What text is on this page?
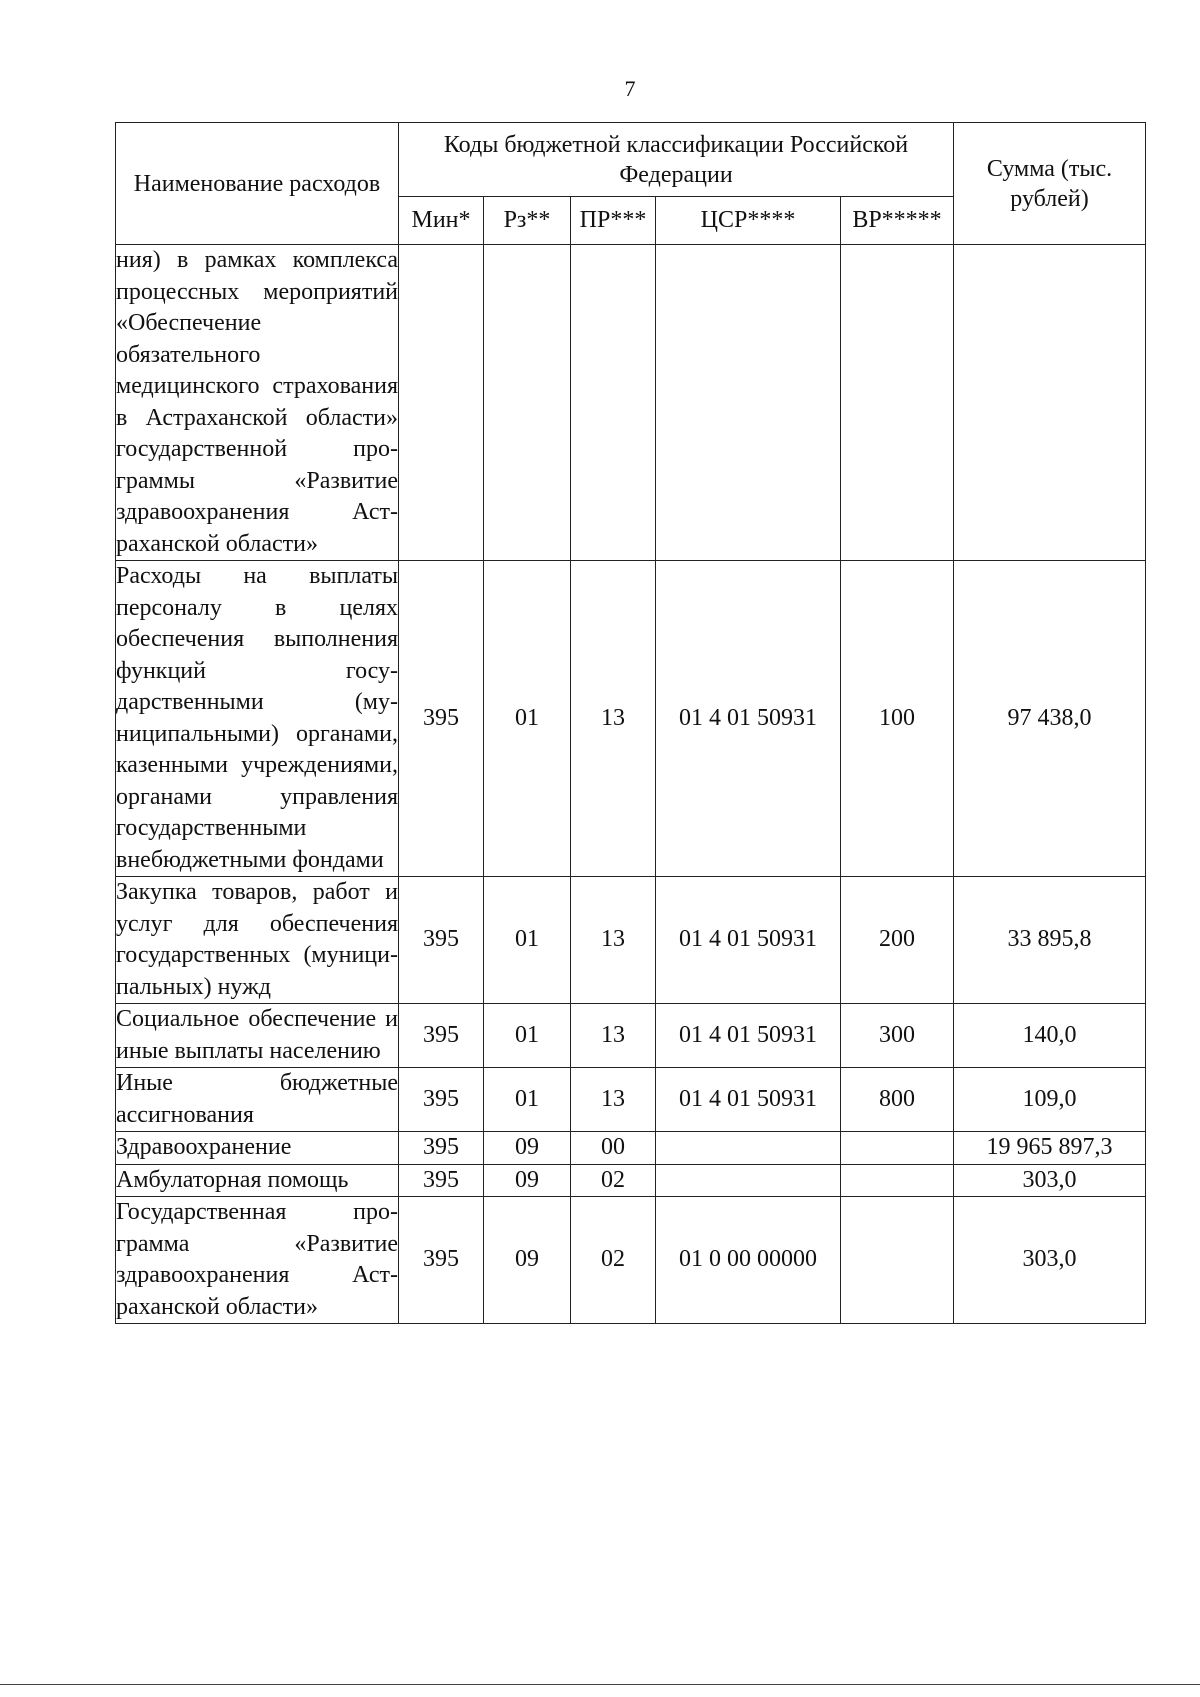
7
Наименование расходов	Коды бюджетной классификации Российской Федерации					Сумма (тыс. рублей)
	Мин*	Рз**	ПР***	ЦСР****	ВР*****	
ния) в рамках комплекса процессных мероприятий «Обеспечение обязательного медицинского страхования в Астраханской области» государственной программы «Развитие здравоохранения Астраханской области»						
Расходы на выплаты персоналу в целях обеспечения выполнения функций государственными (муниципальными) органами, казенными учреждениями, органами управления государственными внебюджетными фондами	395	01	13	01 4 01 50931	100	97 438,0
Закупка товаров, работ и услуг для обеспечения государственных (муниципальных) нужд	395	01	13	01 4 01 50931	200	33 895,8
Социальное обеспечение и иные выплаты населению	395	01	13	01 4 01 50931	300	140,0
Иные бюджетные ассигнования	395	01	13	01 4 01 50931	800	109,0
Здравоохранение	395	09	00			19 965 897,3
Амбулаторная помощь	395	09	02			303,0
Государственная программа «Развитие здравоохранения Астраханской области»	395	09	02	01 0 00 00000		303,0
